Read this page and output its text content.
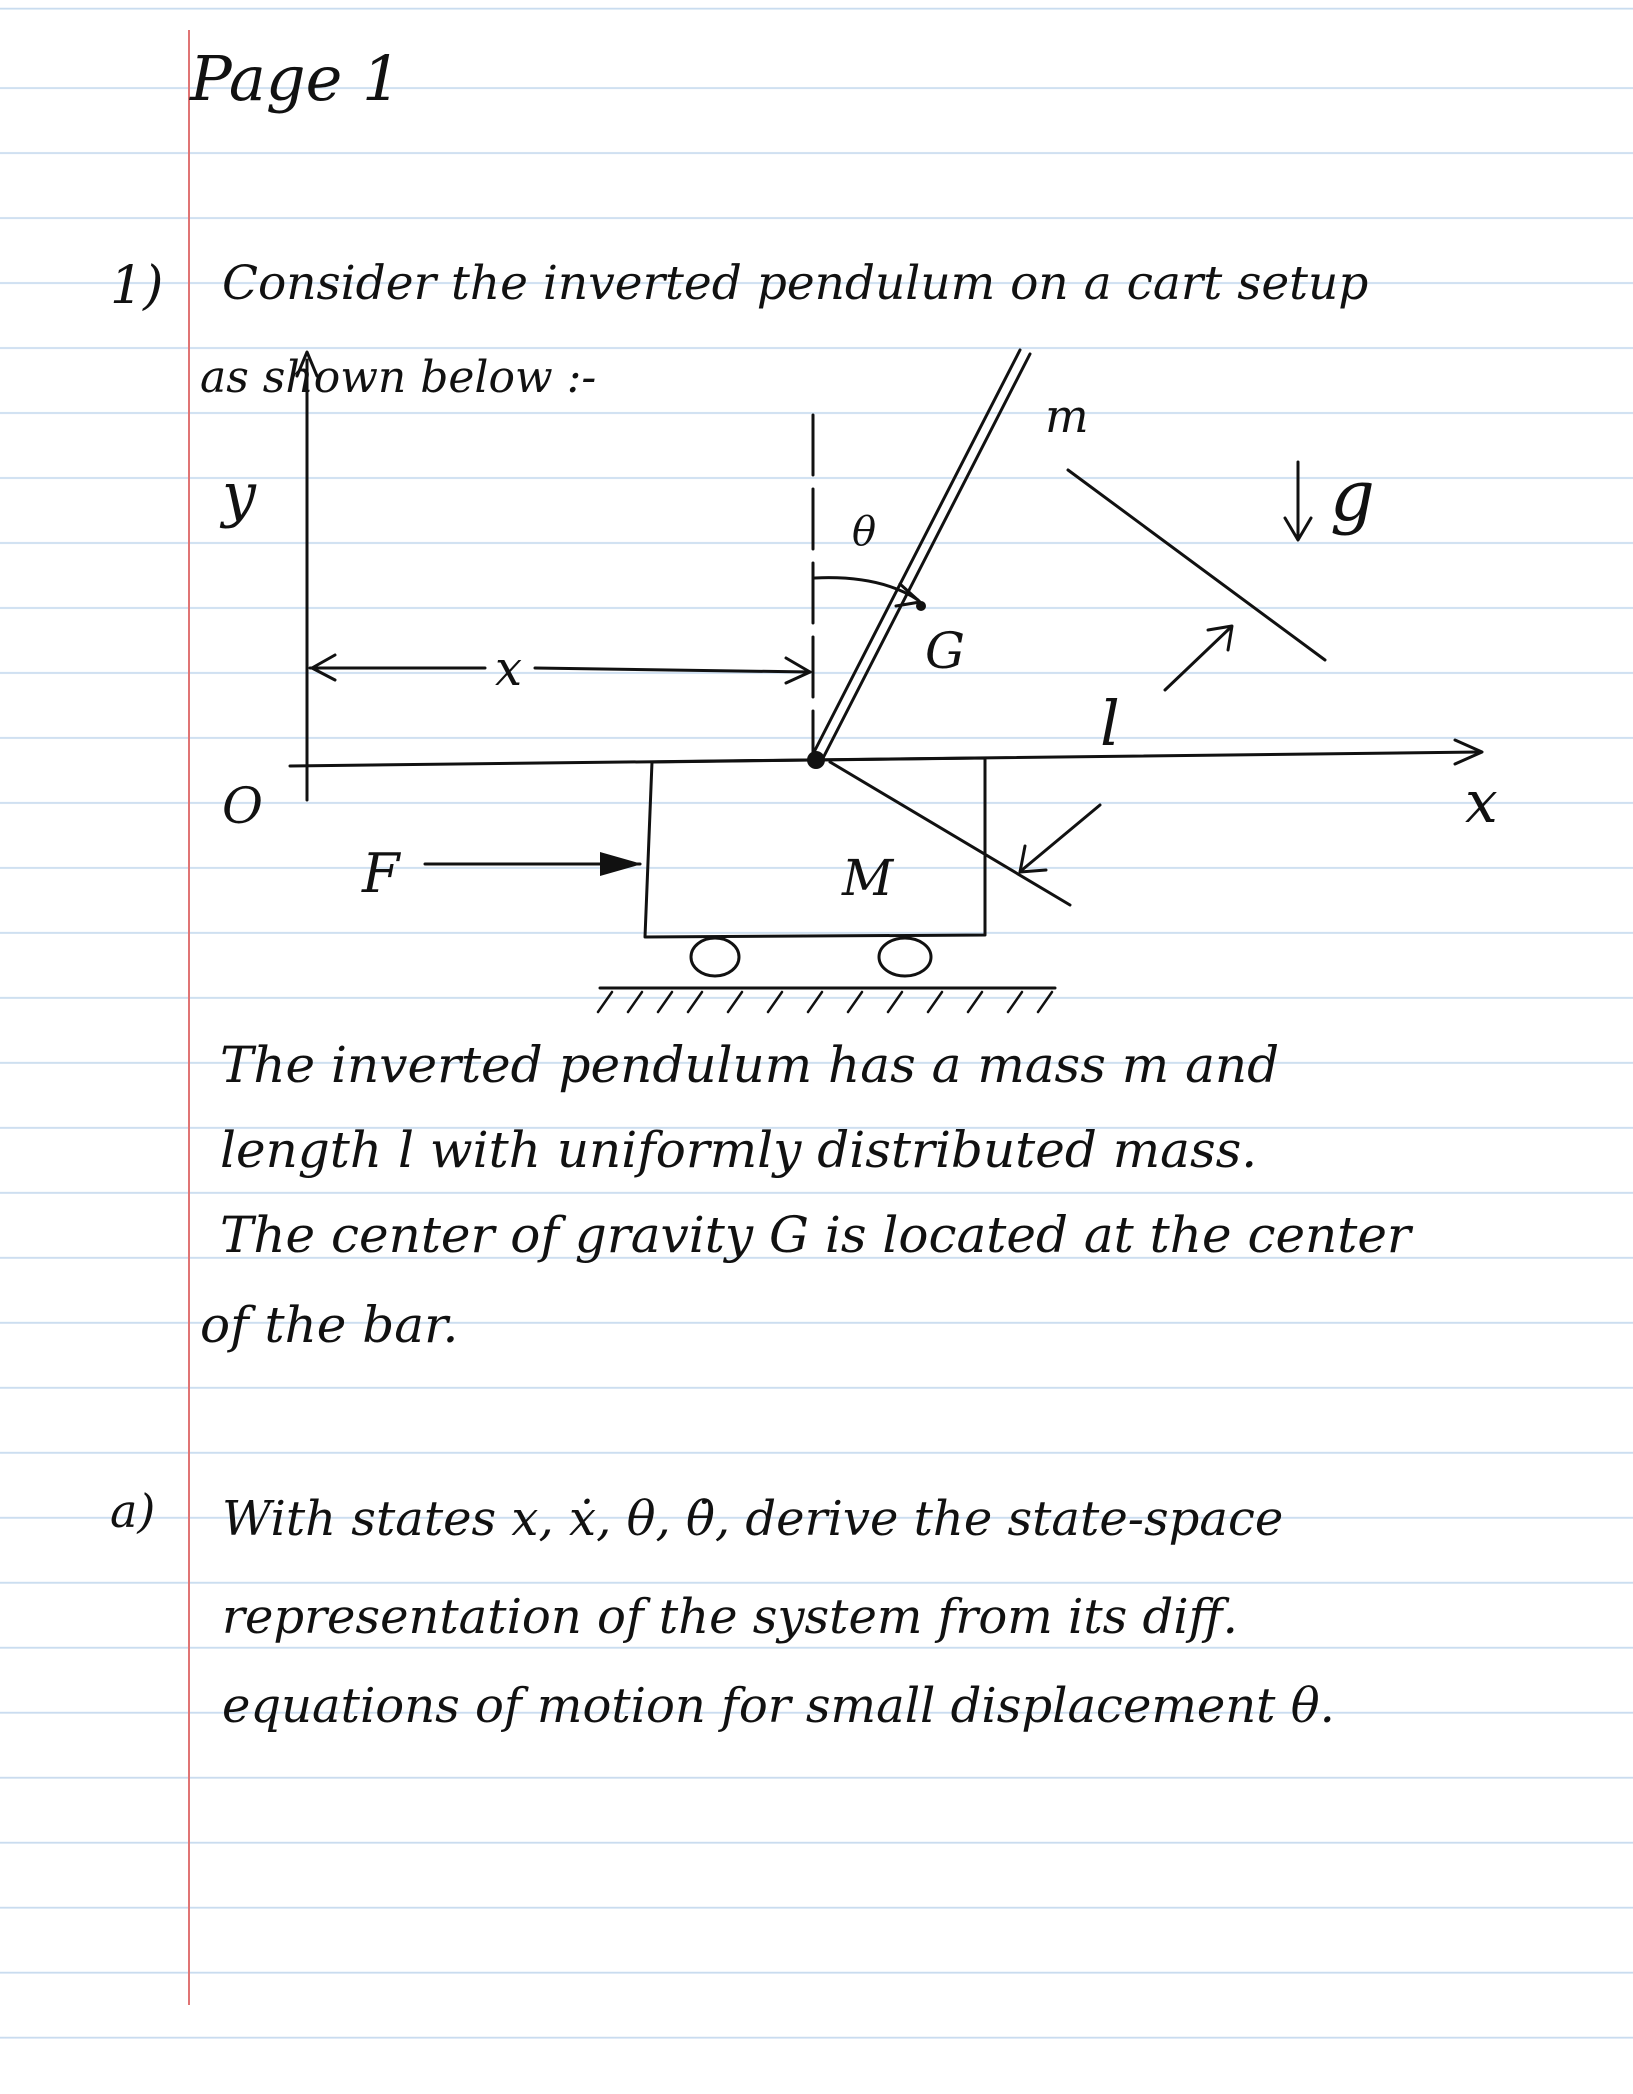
Page 1
1) Consider the inverted pendulum on a cart setup
as shown below :-
y
x
O
x
θ
G
m
g
l
F	M
The inverted pendulum has a mass m and
length l with uniformly distributed mass.
The center of gravity G is located at the center
of the bar.
a) With states x, ẋ, θ, θ̇, derive the state-space
representation of the system from its diff.
equations of motion for small displacement θ.
